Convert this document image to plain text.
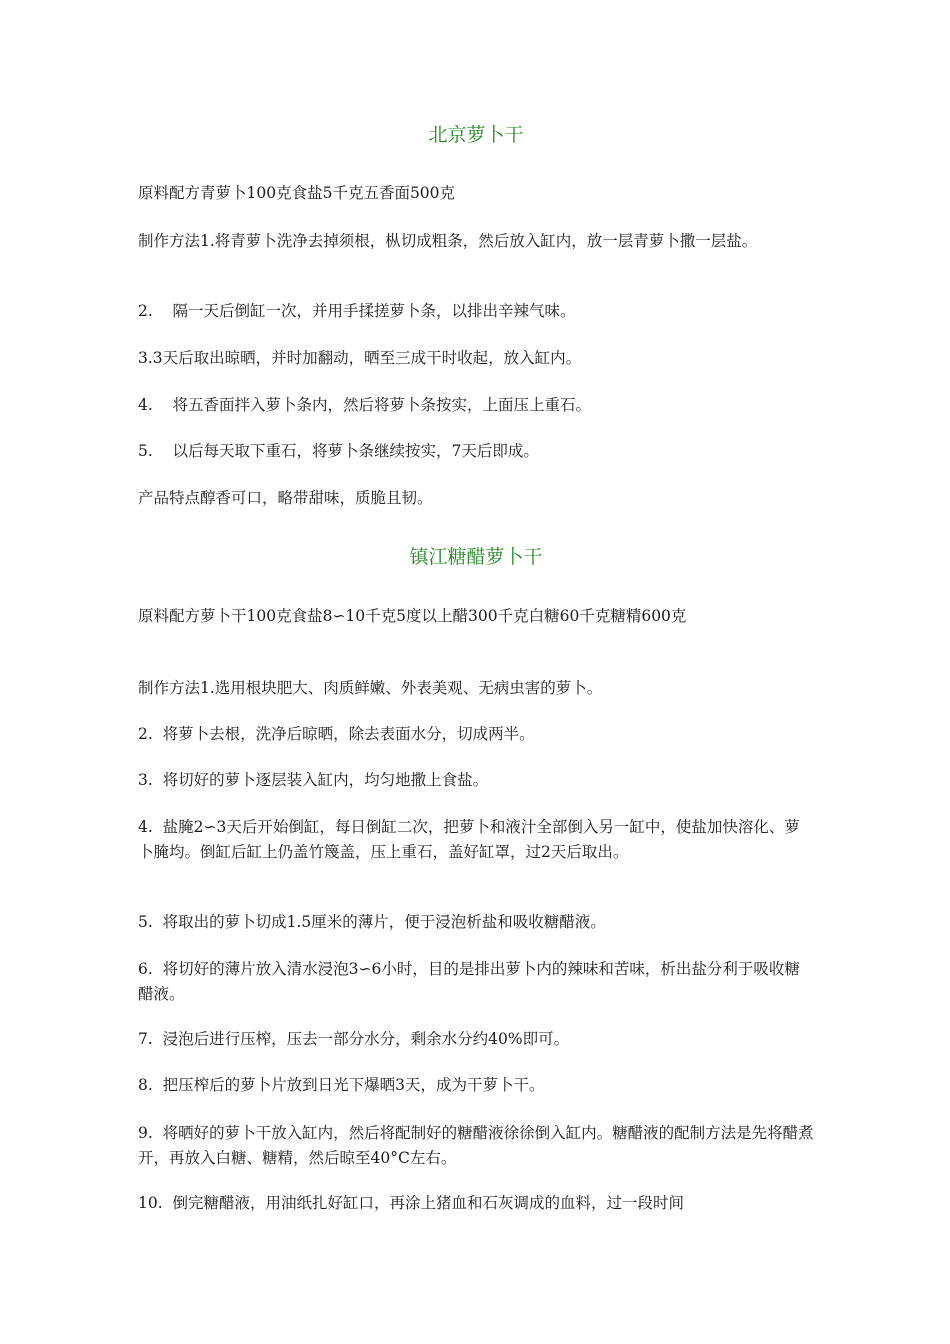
北京萝卜干

原料配方青萝卜100克食盐5千克五香面500克

制作方法1.将青萝卜洗净去掉须根，枞切成粗条，然后放入缸内，放一层青萝卜撒一层盐。

2.    隔一天后倒缸一次，并用手揉搓萝卜条，以排出辛辣气味。

3.3天后取出晾晒，并时加翻动，晒至三成干时收起，放入缸内。

4.    将五香面拌入萝卜条内，然后将萝卜条按实，上面压上重石。

5.    以后每天取下重石，将萝卜条继续按实，7天后即成。

产品特点醇香可口，略带甜味，质脆且韧。

镇江糖醋萝卜干

原料配方萝卜干100克食盐8∽10千克5度以上醋300千克白糖60千克糖精600克

制作方法1.选用根块肥大、肉质鲜嫩、外表美观、无病虫害的萝卜。

2.  将萝卜去根，洗净后晾晒，除去表面水分，切成两半。

3.  将切好的萝卜逐层装入缸内，均匀地撒上食盐。

4.  盐腌2∽3天后开始倒缸，每日倒缸二次，把萝卜和液汁全部倒入另一缸中，使盐加快溶化、萝卜腌均。倒缸后缸上仍盖竹篾盖，压上重石，盖好缸罩，过2天后取出。

5.  将取出的萝卜切成1.5厘米的薄片，便于浸泡析盐和吸收糖醋液。

6.  将切好的薄片放入清水浸泡3∽6小时，目的是排出萝卜内的辣味和苦味，析出盐分利于吸收糖醋液。

7.  浸泡后进行压榨，压去一部分水分，剩余水分约40%即可。

8.  把压榨后的萝卜片放到日光下爆晒3天，成为干萝卜干。

9.  将晒好的萝卜干放入缸内，然后将配制好的糖醋液徐徐倒入缸内。糖醋液的配制方法是先将醋煮开，再放入白糖、糖精，然后晾至40°C左右。

10.  倒完糖醋液，用油纸扎好缸口，再涂上猪血和石灰调成的血料，过一段时间
